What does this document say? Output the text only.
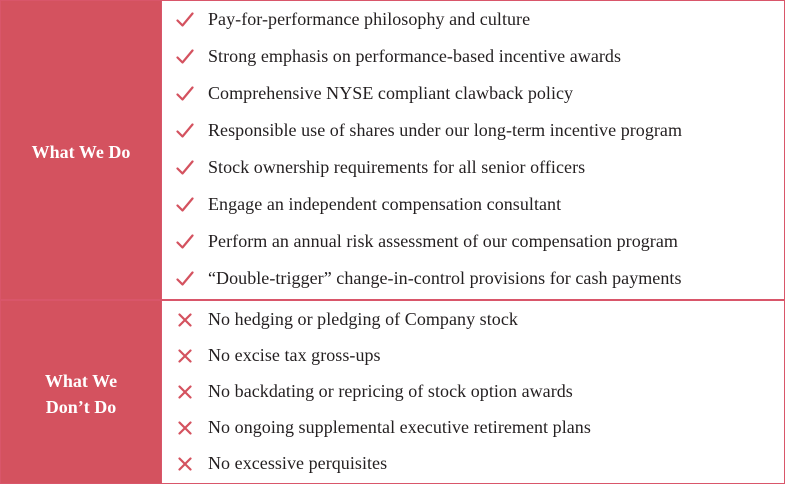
What We Do
Pay-for-performance philosophy and culture
Strong emphasis on performance-based incentive awards
Comprehensive NYSE compliant clawback policy
Responsible use of shares under our long-term incentive program
Stock ownership requirements for all senior officers
Engage an independent compensation consultant
Perform an annual risk assessment of our compensation program
“Double-trigger” change-in-control provisions for cash payments
What We
Don’t Do
No hedging or pledging of Company stock
No excise tax gross-ups
No backdating or repricing of stock option awards
No ongoing supplemental executive retirement plans
No excessive perquisites
